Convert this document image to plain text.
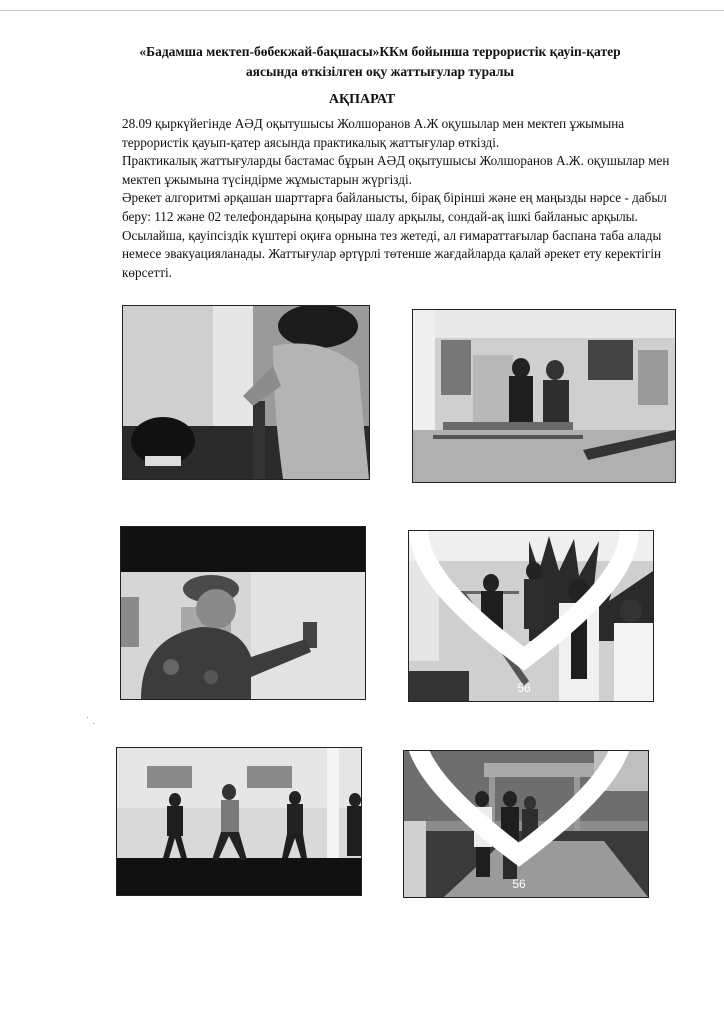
«Бадамша мектеп-бөбекжай-бақшасы»ККм бойынша террористік қауіп-қатер
аясында өткізілген оқу жаттығулар туралы
АҚПАРАТ

28.09 қыркүйегінде АӘД оқытушысы Жолшоранов А.Ж оқушылар мен мектеп ұжымына террористік қауып-қатер аясында практикалық жаттығулар өткізді.

Практикалық жаттығуларды бастамас бұрын АӘД оқытушысы Жолшоранов А.Ж. оқушылар мен мектеп ұжымына түсіндірме жұмыстарын жүргізді.

Әрекет алгоритмі әрқашан шарттарға байланысты, бірақ бірінші және ең маңызды нәрсе - дабыл беру: 112 және 02 телефондарына қоңырау шалу арқылы, сондай-ақ ішкі байланыс арқылы. Осылайша, қауіпсіздік күштері оқиға орнына тез жетеді, ал ғимараттағылар баспана таба алады немесе эвакуацияланады. Жаттығулар әртүрлі төтенше жағдайларда қалай әрекет ету керектігін көрсетті.

56
56
·
·
